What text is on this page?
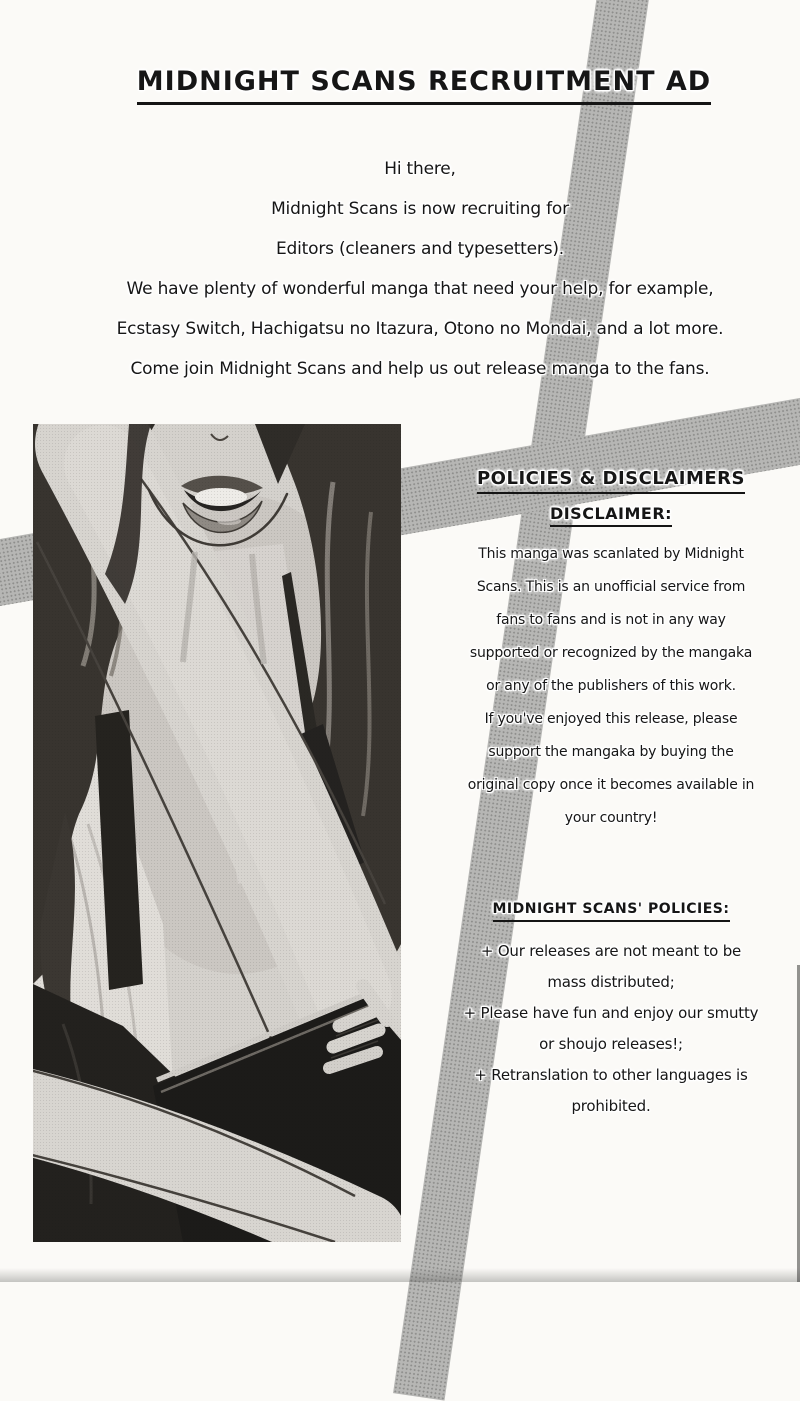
MIDNIGHT SCANS RECRUITMENT AD
Hi there,
Midnight Scans is now recruiting for
Editors (cleaners and typesetters).
We have plenty of wonderful manga that need your help, for example,
Ecstasy Switch, Hachigatsu no Itazura, Otono no Mondai, and a lot more.
Come join Midnight Scans and help us out release manga to the fans.
POLICIES & DISCLAIMERS
DISCLAIMER:
This manga was scanlated by Midnight
Scans. This is an unofficial service from
fans to fans and is not in any way
supported or recognized by the mangaka
or any of the publishers of this work.
If you've enjoyed this release, please
support the mangaka by buying the
original copy once it becomes available in
your country!
MIDNIGHT SCANS' POLICIES:
+ Our releases are not meant to be
mass distributed;
+ Please have fun and enjoy our smutty
or shoujo releases!;
+ Retranslation to other languages is
prohibited.
